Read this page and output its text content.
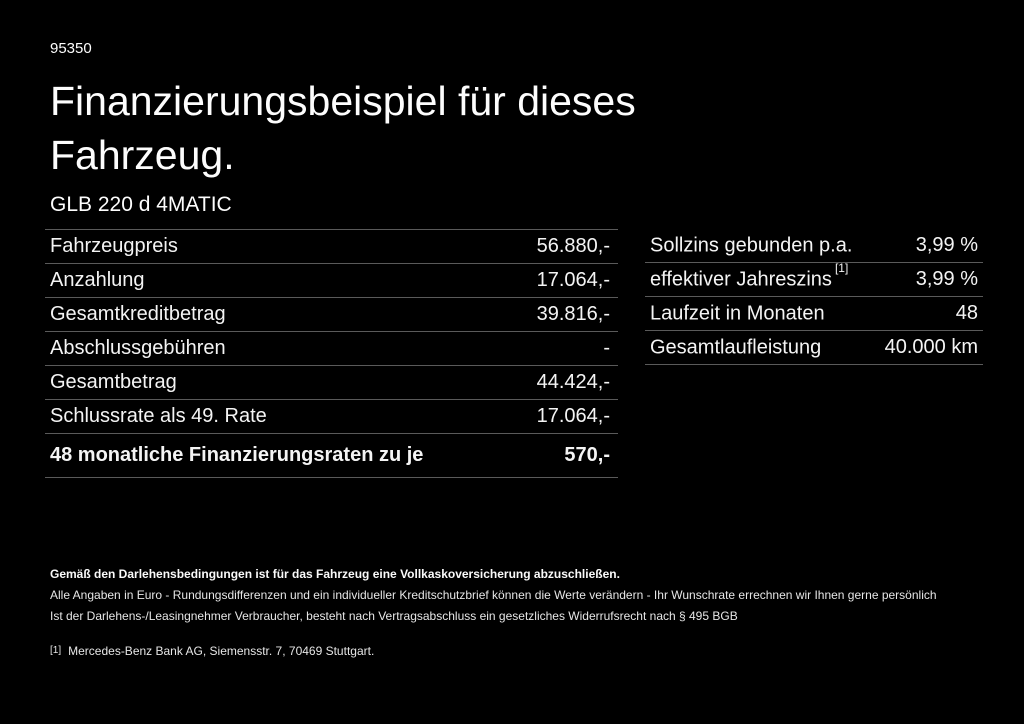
95350

Finanzierungsbeispiel für dieses Fahrzeug.

GLB 220 d 4MATIC

Fahrzeugpreis	56.880,-
Anzahlung	17.064,-
Gesamtkreditbetrag	39.816,-
Abschlussgebühren	-
Gesamtbetrag	44.424,-
Schlussrate als 49. Rate	17.064,-
48 monatliche Finanzierungsraten zu je	570,-
Sollzins gebunden p.a.	3,99 %
effektiver Jahreszins[1]	3,99 %
Laufzeit in Monaten	48
Gesamtlaufleistung	40.000 km

Gemäß den Darlehensbedingungen ist für das Fahrzeug eine Vollkaskoversicherung abzuschließen.

Alle Angaben in Euro - Rundungsdifferenzen und ein individueller Kreditschutzbrief können die Werte verändern - Ihr Wunschrate errechnen wir Ihnen gerne persönlich

Ist der Darlehens-/Leasingnehmer Verbraucher, besteht nach Vertragsabschluss ein gesetzliches Widerrufsrecht nach § 495 BGB

[1] Mercedes-Benz Bank AG, Siemensstr. 7, 70469 Stuttgart.
